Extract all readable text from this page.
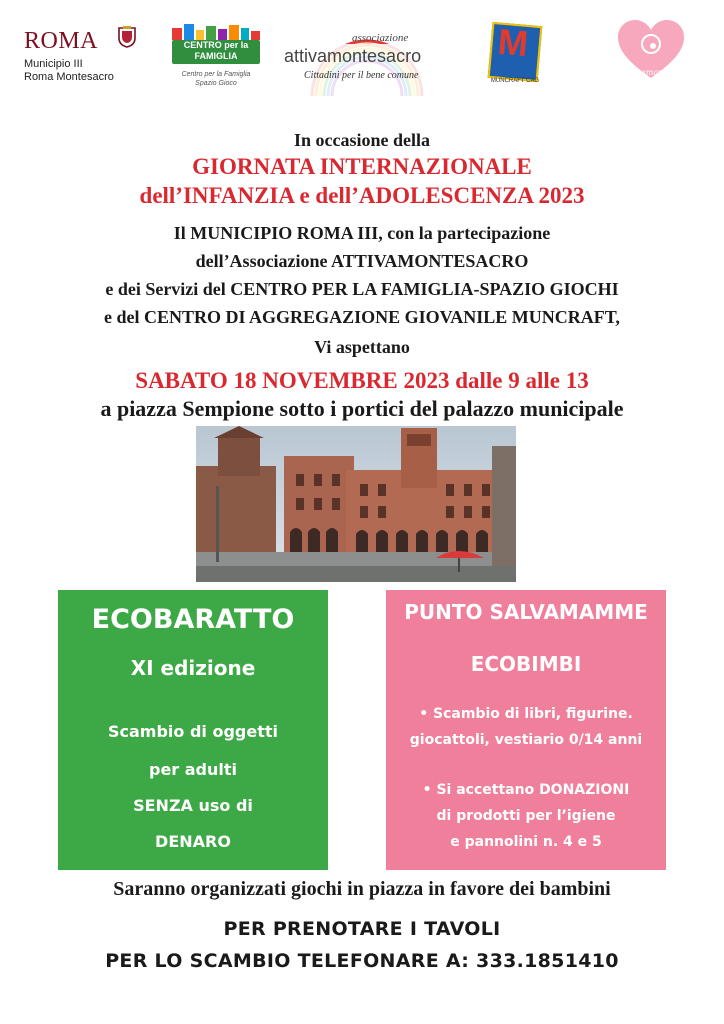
ROMA
Municipio III
Roma Montesacro
CENTRO per la
FAMIGLIA
Centro per la Famiglia
Spazio Gioco
associazione
attivamontesacro
Cittadini per il bene comune
M
MUNCRAFT CAG
Salvamamme
In occasione della
GIORNATA INTERNAZIONALE
dell’INFANZIA e dell’ADOLESCENZA 2023
Il MUNICIPIO ROMA III, con la partecipazione
dell’Associazione ATTIVAMONTESACRO
e dei Servizi del CENTRO PER LA FAMIGLIA-SPAZIO GIOCHI
e del CENTRO DI AGGREGAZIONE GIOVANILE MUNCRAFT,
Vi aspettano
SABATO 18 NOVEMBRE 2023 dalle 9 alle 13
a piazza Sempione sotto i portici del palazzo municipale
ECOBARATTO
XI edizione
Scambio di oggetti
per adulti
SENZA uso di
DENARO
PUNTO SALVAMAMME
ECOBIMBI
• Scambio di libri, figurine.
giocattoli, vestiario 0/14 anni
• Si accettano DONAZIONI
di prodotti per l’igiene
e pannolini n. 4 e 5
Saranno organizzati giochi in piazza in favore dei bambini
PER PRENOTARE I TAVOLI
PER LO SCAMBIO TELEFONARE A: 333.1851410
